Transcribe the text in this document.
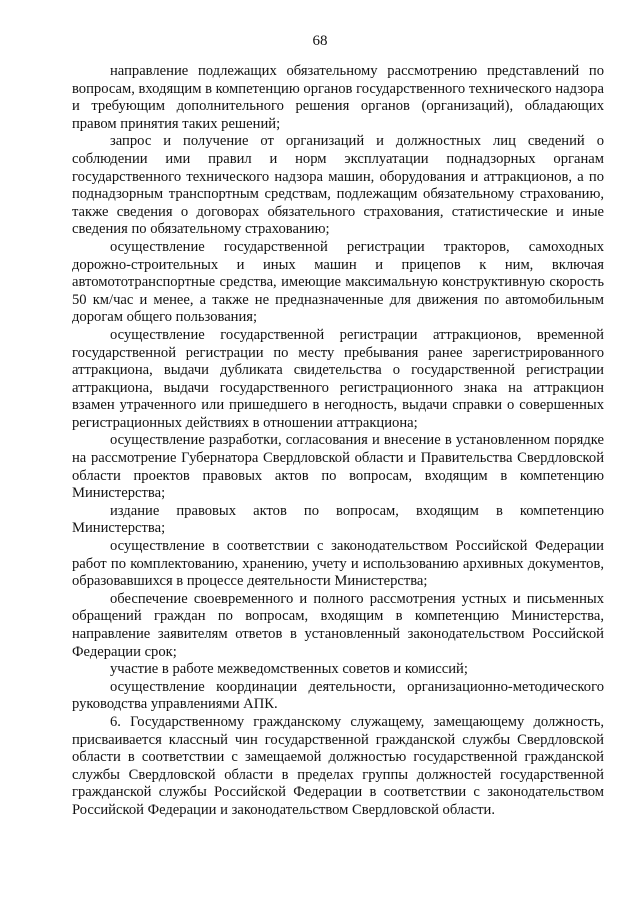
68

направление подлежащих обязательному рассмотрению представлений по вопросам, входящим в компетенцию органов государственного технического надзора и требующим дополнительного решения органов (организаций), обладающих правом принятия таких решений;

запрос и получение от организаций и должностных лиц сведений о соблюдении ими правил и норм эксплуатации поднадзорных органам государственного технического надзора машин, оборудования и аттракционов, а по поднадзорным транспортным средствам, подлежащим обязательному страхованию, также сведения о договорах обязательного страхования, статистические и иные сведения по обязательному страхованию;

осуществление государственной регистрации тракторов, самоходных дорожно-строительных и иных машин и прицепов к ним, включая автомототранспортные средства, имеющие максимальную конструктивную скорость 50 км/час и менее, а также не предназначенные для движения по автомобильным дорогам общего пользования;

осуществление государственной регистрации аттракционов, временной государственной регистрации по месту пребывания ранее зарегистрированного аттракциона, выдачи дубликата свидетельства о государственной регистрации аттракциона, выдачи государственного регистрационного знака на аттракцион взамен утраченного или пришедшего в негодность, выдачи справки о совершенных регистрационных действиях в отношении аттракциона;

осуществление разработки, согласования и внесение в установленном порядке на рассмотрение Губернатора Свердловской области и Правительства Свердловской области проектов правовых актов по вопросам, входящим в компетенцию Министерства;

издание правовых актов по вопросам, входящим в компетенцию Министерства;

осуществление в соответствии с законодательством Российской Федерации работ по комплектованию, хранению, учету и использованию архивных документов, образовавшихся в процессе деятельности Министерства;

обеспечение своевременного и полного рассмотрения устных и письменных обращений граждан по вопросам, входящим в компетенцию Министерства, направление заявителям ответов в установленный законодательством Российской Федерации срок;

участие в работе межведомственных советов и комиссий;

осуществление координации деятельности, организационно-методического руководства управлениями АПК.

6. Государственному гражданскому служащему, замещающему должность, присваивается классный чин государственной гражданской службы Свердловской области в соответствии с замещаемой должностью государственной гражданской службы Свердловской области в пределах группы должностей государственной гражданской службы Российской Федерации в соответствии с законодательством Российской Федерации и законодательством Свердловской области.
